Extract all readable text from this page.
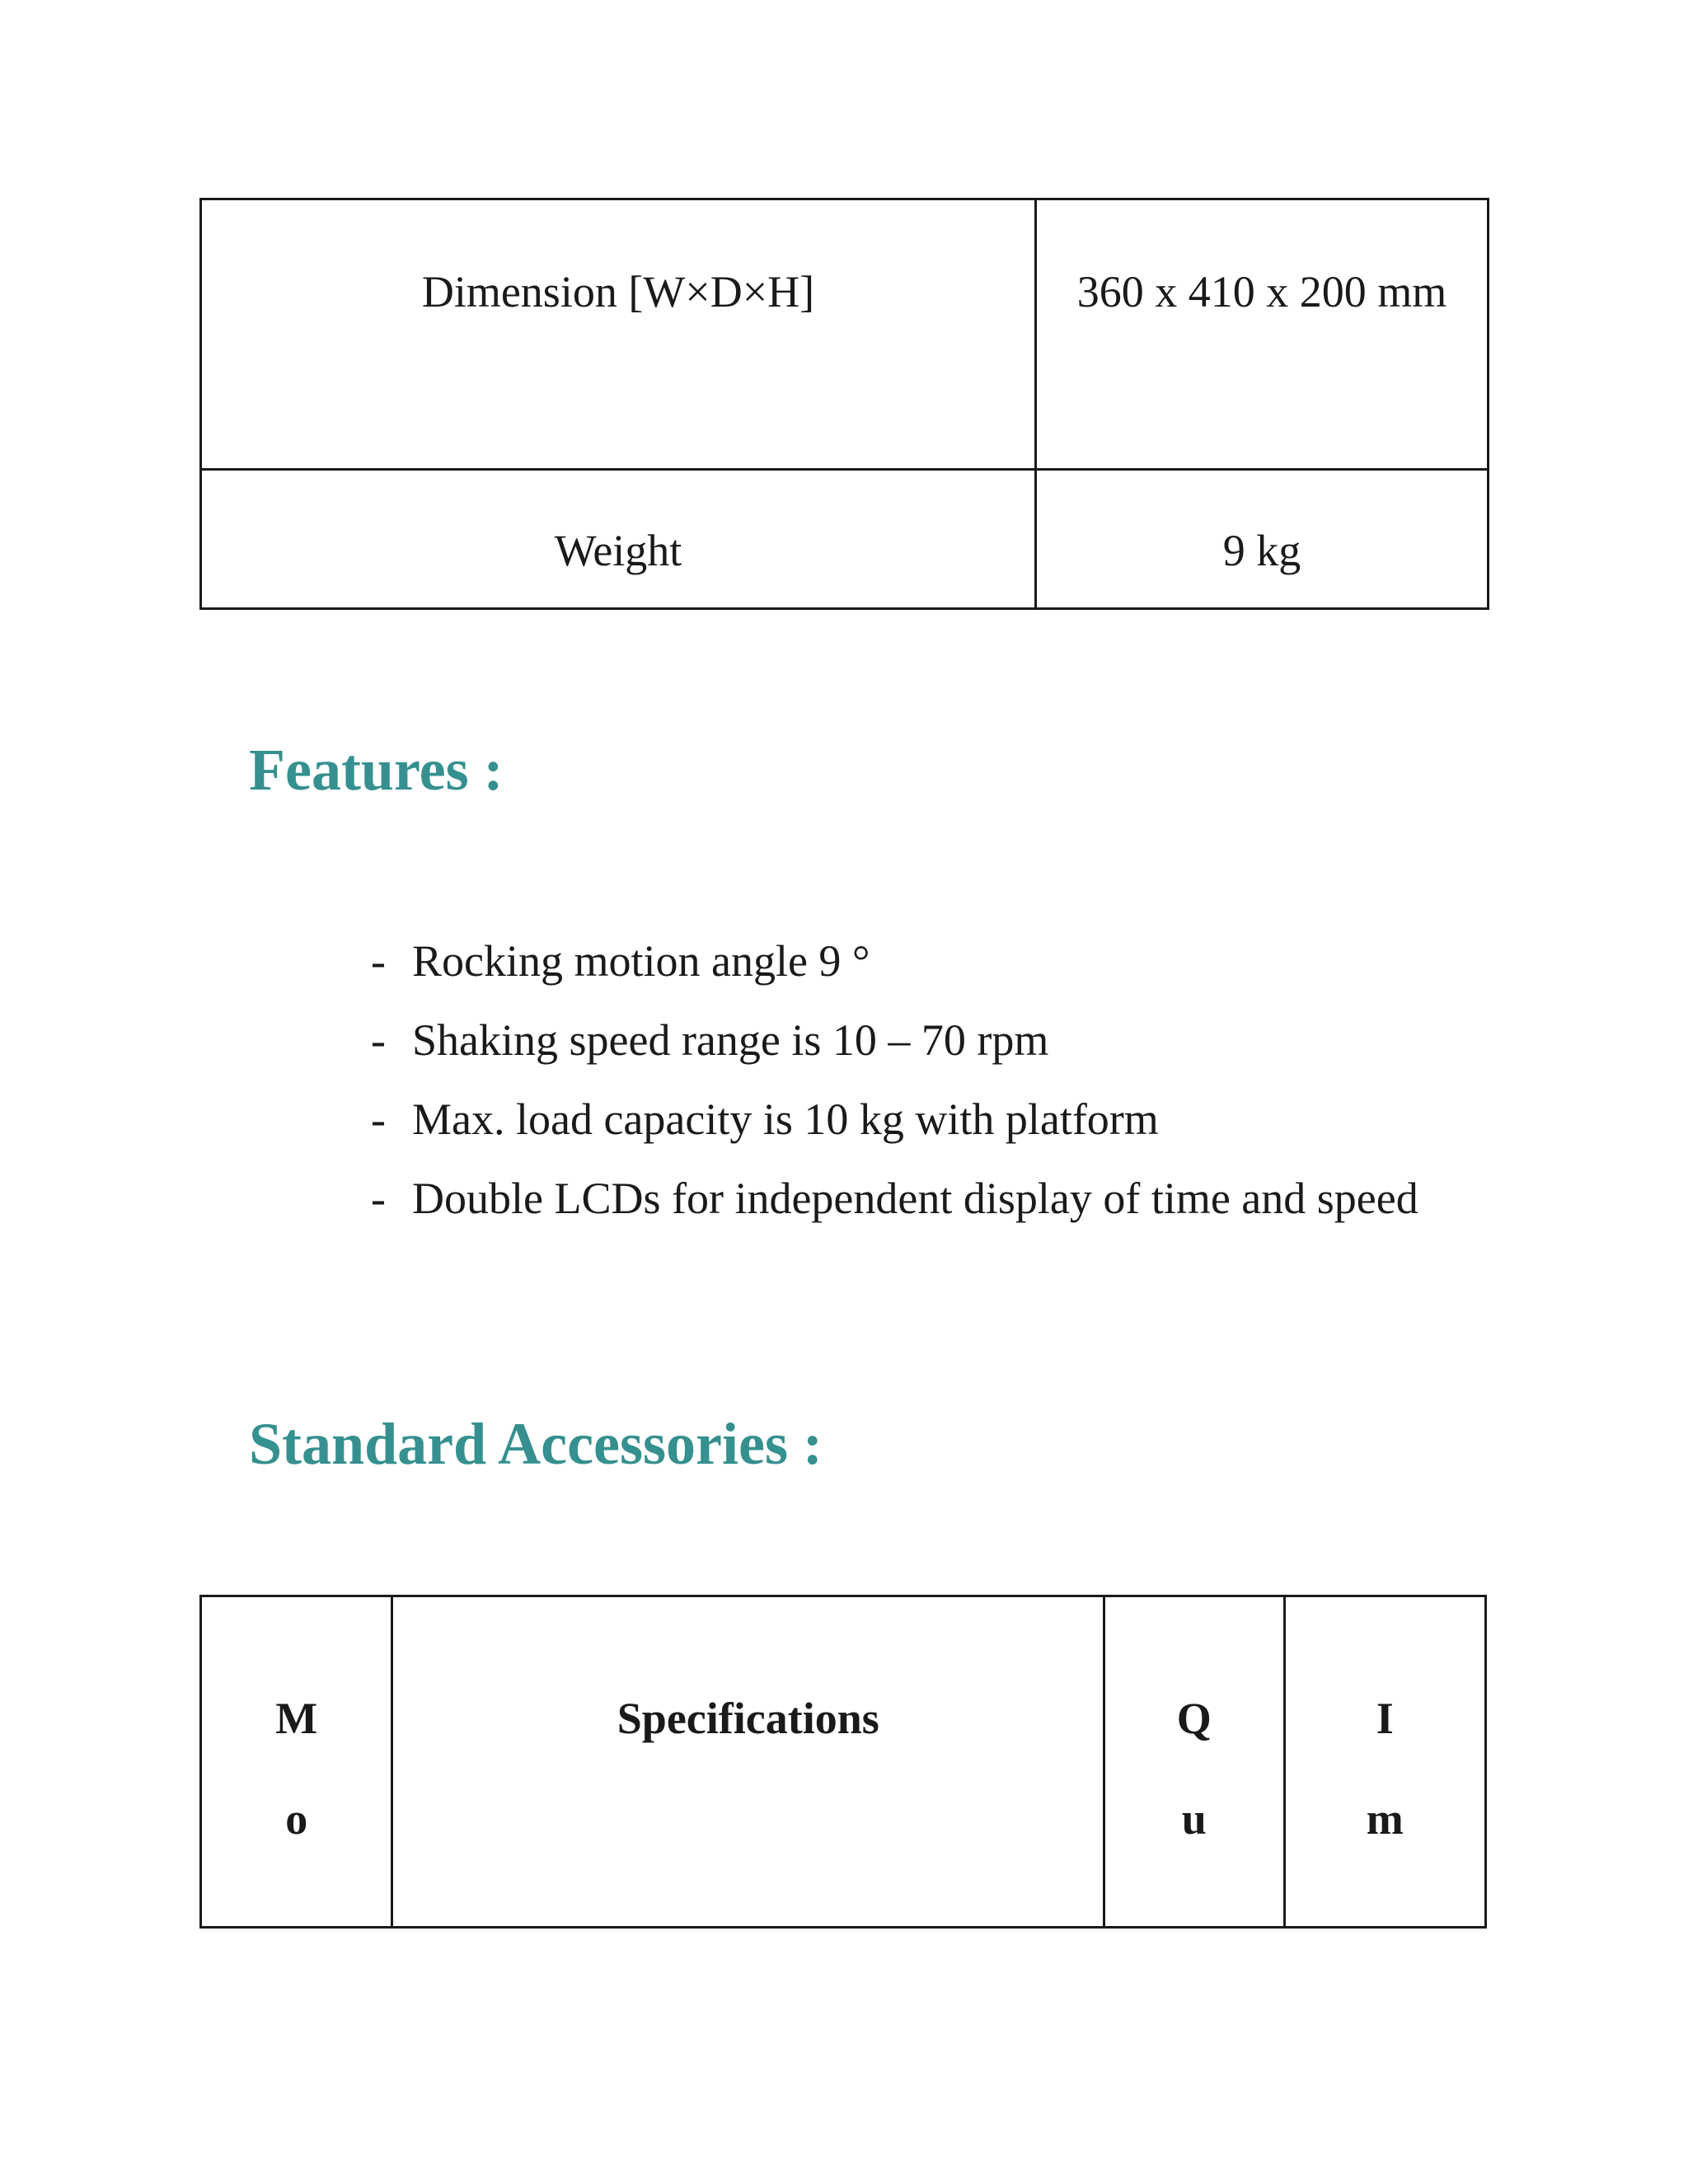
Dimension [W×D×H]	360 x 410 x 200 mm
Weight	9 kg
Features :
- Rocking motion angle 9 °
- Shaking speed range is 10 – 70 rpm
- Max. load capacity is 10 kg with platform
- Double LCDs for independent display of time and speed
Standard Accessories :
Mo	Specifications	Qu	Im
